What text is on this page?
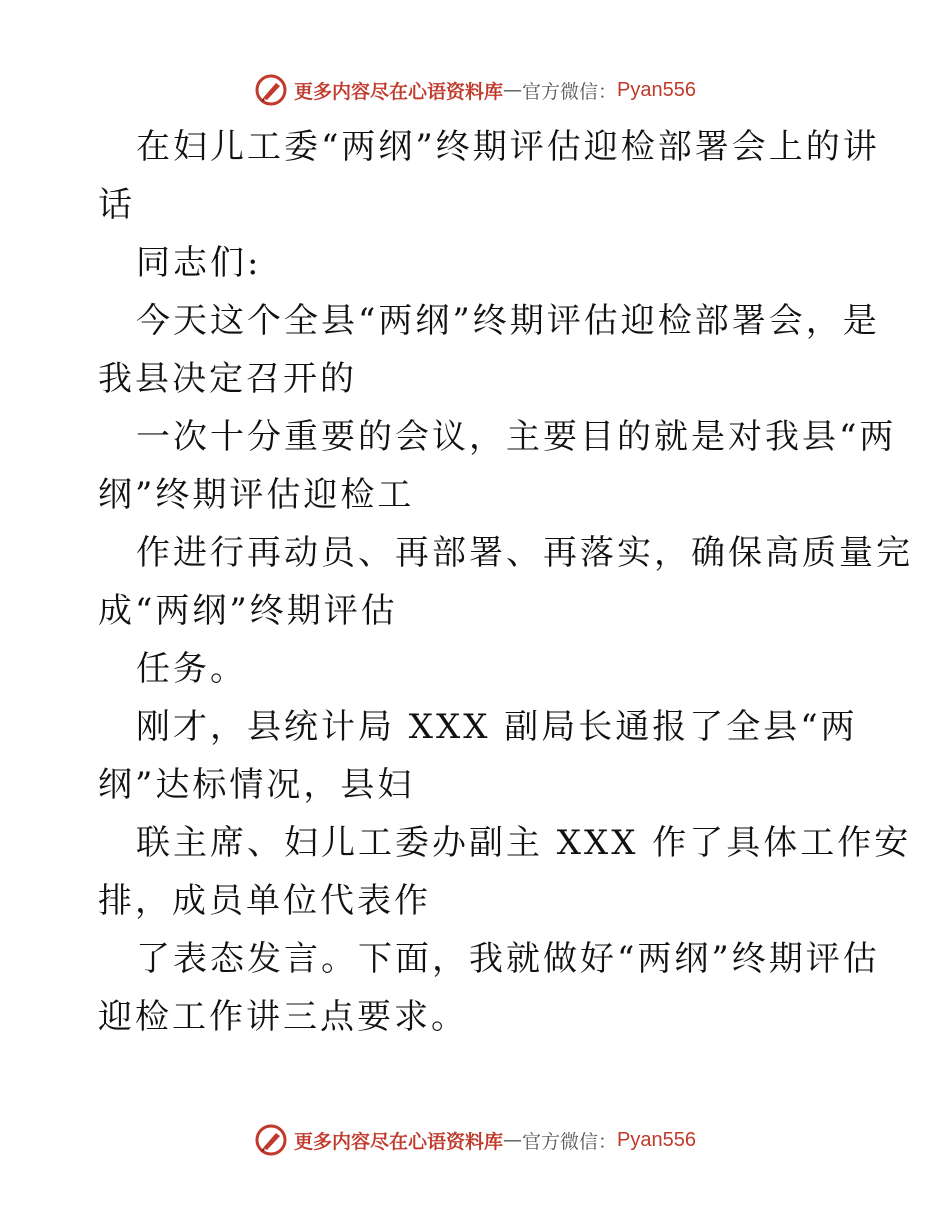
更多内容尽在心语资料库 — 官方微信： Pyan556
在妇儿工委“两纲”终期评估迎检部署会上的讲
话
同志们:
今天这个全县“两纲”终期评估迎检部署会，是
我县决定召开的
一次十分重要的会议，主要目的就是对我县“两
纲”终期评估迎检工
作进行再动员、再部署、再落实，确保高质量完
成“两纲”终期评估
任务。
刚才，县统计局 XXX 副局长通报了全县“两
纲”达标情况，县妇
联主席、妇儿工委办副主 XXX 作了具体工作安
排，成员单位代表作
了表态发言。下面，我就做好“两纲”终期评估
迎检工作讲三点要求。
更多内容尽在心语资料库 — 官方微信： Pyan556
